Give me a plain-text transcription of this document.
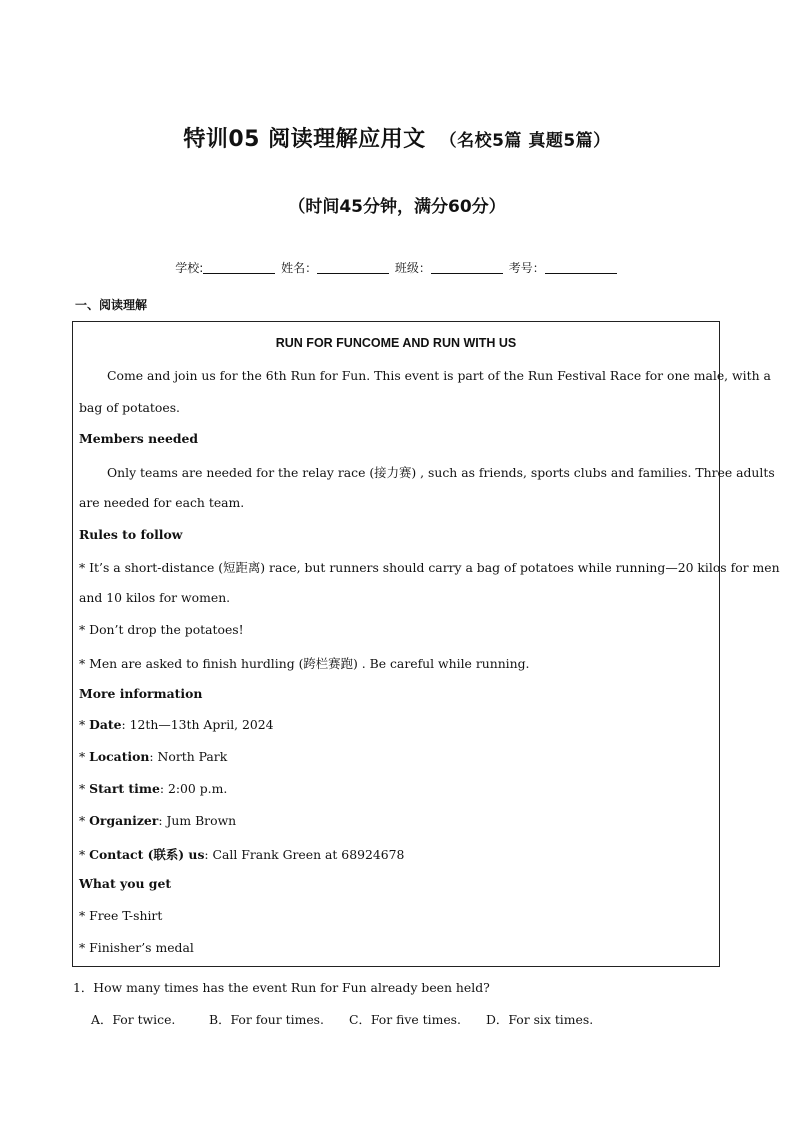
特训05 阅读理解应用文 （名校5篇 真题5篇）
（时间45分钟，满分60分）
学校:	姓名：	班级：	考号：
一、阅读理解
RUN FOR FUNCOME AND RUN WITH US
Come and join us for the 6th Run for Fun. This event is part of the Run Festival Race for one male, with a
bag of potatoes.
Members needed
Only teams are needed for the relay race (接力赛) , such as friends, sports clubs and families. Three adults
are needed for each team.
Rules to follow
* It’s a short-distance (短距离) race, but runners should carry a bag of potatoes while running—20 kilos for men
and 10 kilos for women.
* Don’t drop the potatoes!
* Men are asked to finish hurdling (跨栏赛跑) . Be careful while running.
More information
* Date: 12th—13th April, 2024
* Location: North Park
* Start time: 2:00 p.m.
* Organizer: Jum Brown
* Contact (联系) us: Call Frank Green at 68924678
What you get
* Free T-shirt
* Finisher’s medal
1．How many times has the event Run for Fun already been held?
A．For twice.	B．For four times. C．For five times. D．For six times.
